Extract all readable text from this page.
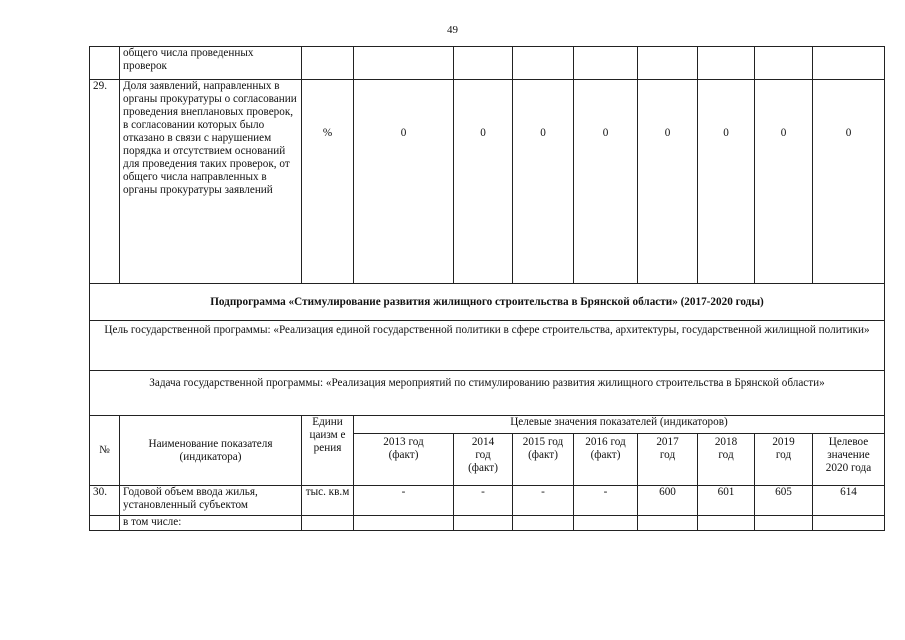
49
	общего числа проведенных проверок									
29.	Доля заявлений, направленных в органы прокуратуры о согласовании проведения внеплановых проверок, в согласовании которых было отказано в связи с нарушением порядка и отсутствием оснований для проведения таких проверок, от общего числа направленных в органы прокуратуры заявлений	%	0	0	0	0	0	0	0	0
Подпрограмма «Стимулирование развития жилищного строительства в Брянской области» (2017-2020 годы)										
Цель государственной программы: «Реализация единой государственной политики в сфере строительства, архитектуры, государственной жилищной политики»										
Задача государственной программы: «Реализация мероприятий по стимулированию развития жилищного строительства в Брянской области»										
№	Наименование показателя (индикатора)	Едини цаизм е рения	Целевые значения показателей (индикаторов)							
			2013 год (факт)	2014 год (факт)	2015 год (факт)	2016 год (факт)	2017 год	2018 год	2019 год	Целевое значение 2020 года
30.	Годовой объем ввода жилья, установленный субъектом	тыс. кв.м	-	-	-	-	600	601	605	614
	в том числе:									
